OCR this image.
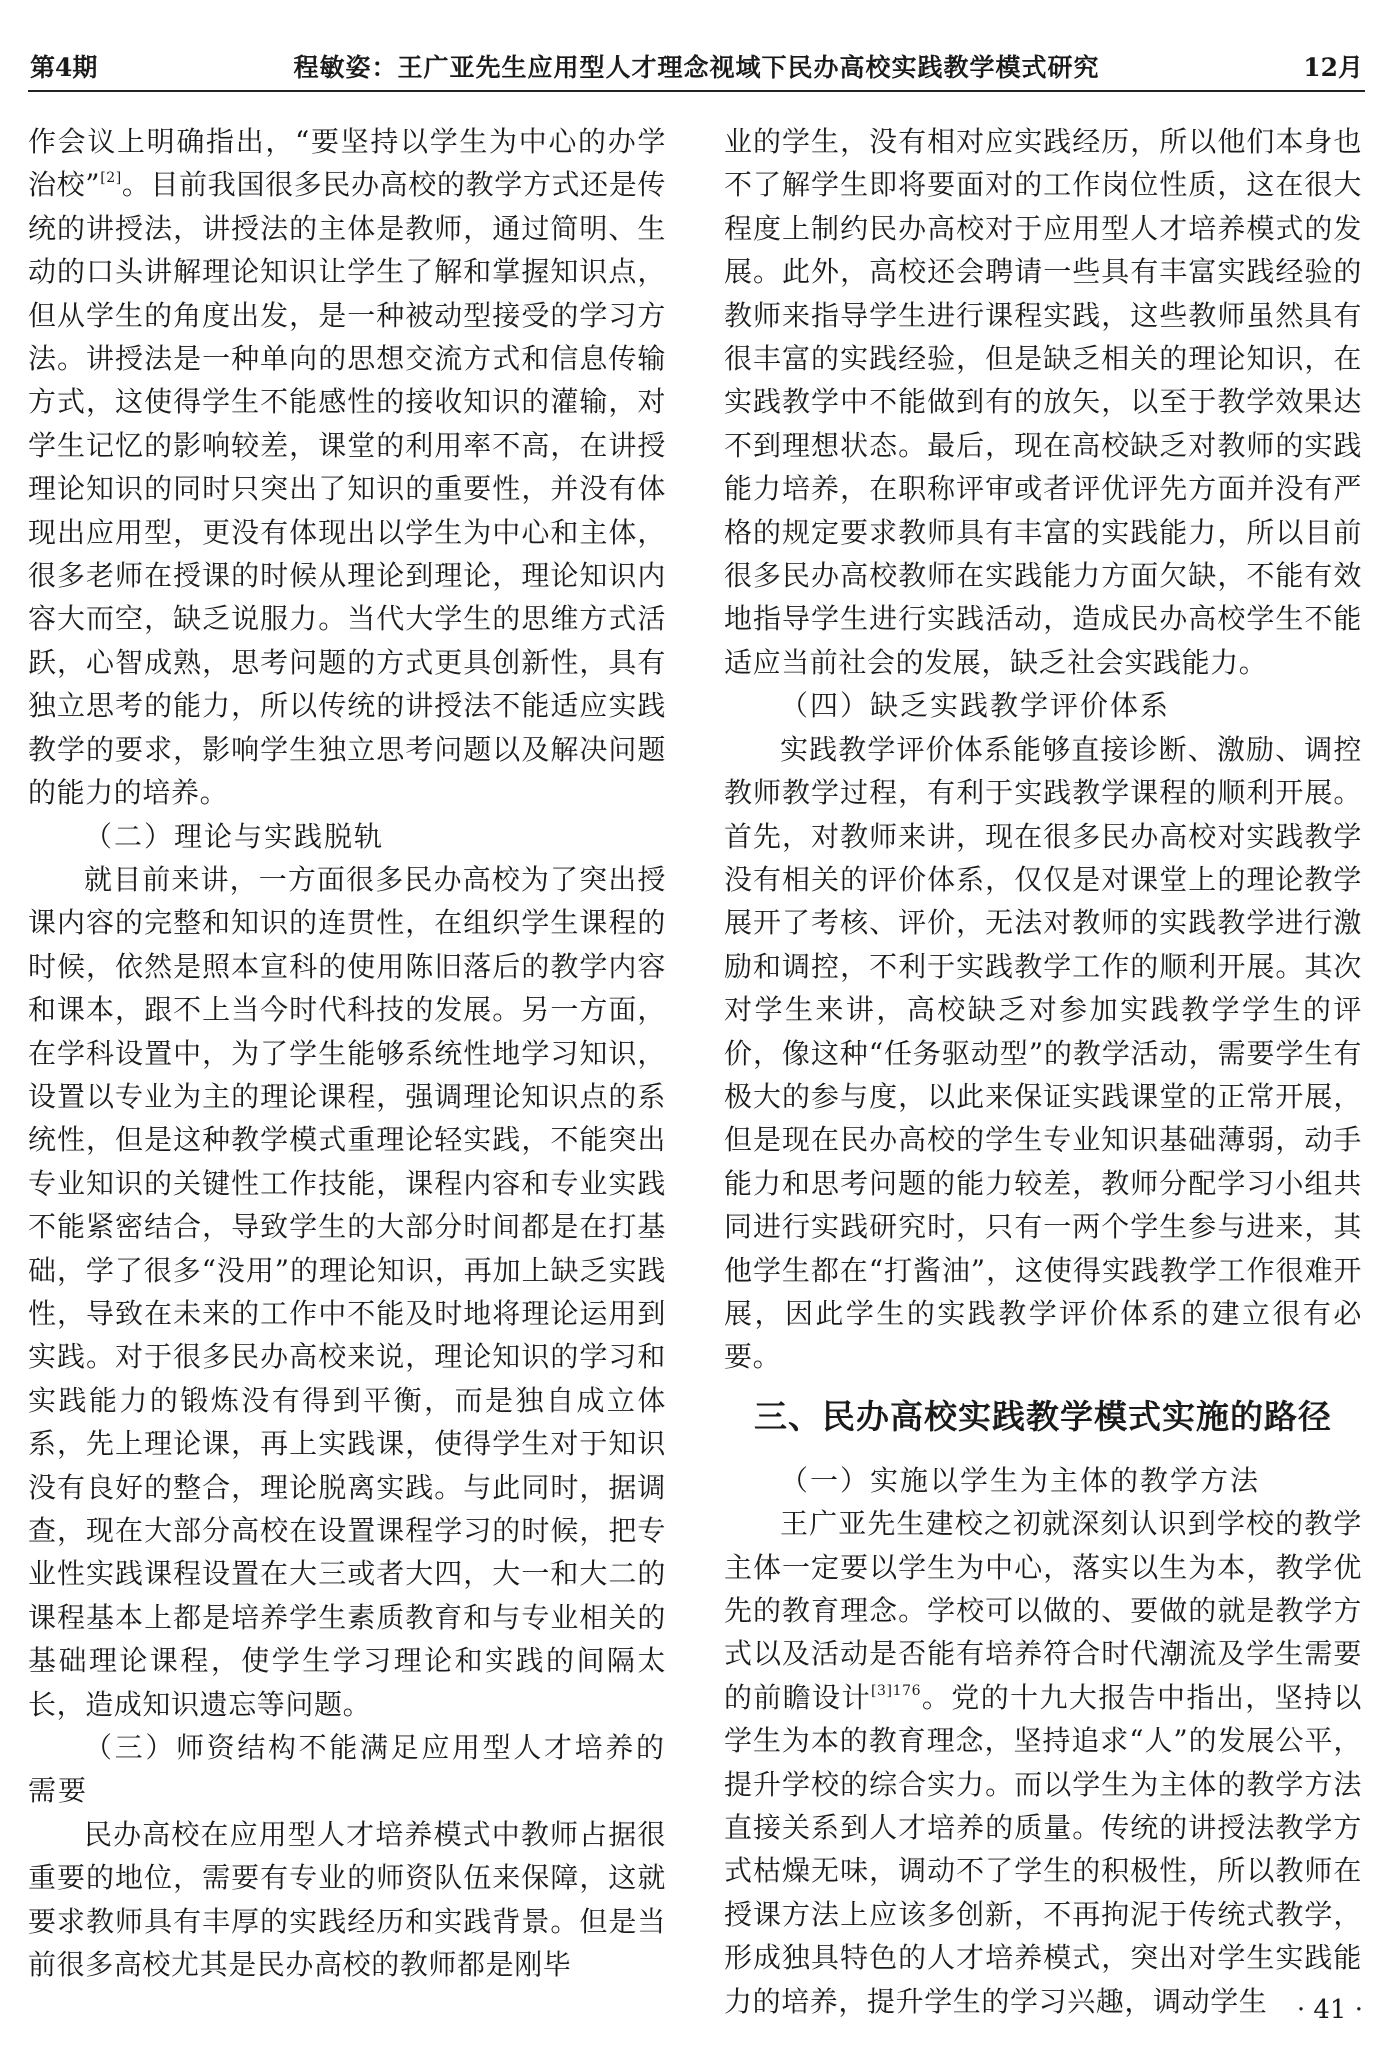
第4期	程敏姿：王广亚先生应用型人才理念视域下民办高校实践教学模式研究	12月

作会议上明确指出，“要坚持以学生为中心的办学治校”[2]。目前我国很多民办高校的教学方式还是传统的讲授法，讲授法的主体是教师，通过简明、生动的口头讲解理论知识让学生了解和掌握知识点，但从学生的角度出发，是一种被动型接受的学习方法。讲授法是一种单向的思想交流方式和信息传输方式，这使得学生不能感性的接收知识的灌输，对学生记忆的影响较差，课堂的利用率不高，在讲授理论知识的同时只突出了知识的重要性，并没有体现出应用型，更没有体现出以学生为中心和主体，很多老师在授课的时候从理论到理论，理论知识内容大而空，缺乏说服力。当代大学生的思维方式活跃，心智成熟，思考问题的方式更具创新性，具有独立思考的能力，所以传统的讲授法不能适应实践教学的要求，影响学生独立思考问题以及解决问题的能力的培养。

（二）理论与实践脱轨

就目前来讲，一方面很多民办高校为了突出授课内容的完整和知识的连贯性，在组织学生课程的时候，依然是照本宣科的使用陈旧落后的教学内容和课本，跟不上当今时代科技的发展。另一方面，在学科设置中，为了学生能够系统性地学习知识，设置以专业为主的理论课程，强调理论知识点的系统性，但是这种教学模式重理论轻实践，不能突出专业知识的关键性工作技能，课程内容和专业实践不能紧密结合，导致学生的大部分时间都是在打基础，学了很多“没用”的理论知识，再加上缺乏实践性，导致在未来的工作中不能及时地将理论运用到实践。对于很多民办高校来说，理论知识的学习和实践能力的锻炼没有得到平衡，而是独自成立体系，先上理论课，再上实践课，使得学生对于知识没有良好的整合，理论脱离实践。与此同时，据调查，现在大部分高校在设置课程学习的时候，把专业性实践课程设置在大三或者大四，大一和大二的课程基本上都是培养学生素质教育和与专业相关的基础理论课程，使学生学习理论和实践的间隔太长，造成知识遗忘等问题。

（三）师资结构不能满足应用型人才培养的需要

民办高校在应用型人才培养模式中教师占据很重要的地位，需要有专业的师资队伍来保障，这就要求教师具有丰厚的实践经历和实践背景。但是当前很多高校尤其是民办高校的教师都是刚毕

业的学生，没有相对应实践经历，所以他们本身也不了解学生即将要面对的工作岗位性质，这在很大程度上制约民办高校对于应用型人才培养模式的发展。此外，高校还会聘请一些具有丰富实践经验的教师来指导学生进行课程实践，这些教师虽然具有很丰富的实践经验，但是缺乏相关的理论知识，在实践教学中不能做到有的放矢，以至于教学效果达不到理想状态。最后，现在高校缺乏对教师的实践能力培养，在职称评审或者评优评先方面并没有严格的规定要求教师具有丰富的实践能力，所以目前很多民办高校教师在实践能力方面欠缺，不能有效地指导学生进行实践活动，造成民办高校学生不能适应当前社会的发展，缺乏社会实践能力。

（四）缺乏实践教学评价体系

实践教学评价体系能够直接诊断、激励、调控教师教学过程，有利于实践教学课程的顺利开展。首先，对教师来讲，现在很多民办高校对实践教学没有相关的评价体系，仅仅是对课堂上的理论教学展开了考核、评价，无法对教师的实践教学进行激励和调控，不利于实践教学工作的顺利开展。其次对学生来讲，高校缺乏对参加实践教学学生的评价，像这种“任务驱动型”的教学活动，需要学生有极大的参与度，以此来保证实践课堂的正常开展，但是现在民办高校的学生专业知识基础薄弱，动手能力和思考问题的能力较差，教师分配学习小组共同进行实践研究时，只有一两个学生参与进来，其他学生都在“打酱油”，这使得实践教学工作很难开展，因此学生的实践教学评价体系的建立很有必要。

三、民办高校实践教学模式实施的路径
（一）实施以学生为主体的教学方法

王广亚先生建校之初就深刻认识到学校的教学主体一定要以学生为中心，落实以生为本，教学优先的教育理念。学校可以做的、要做的就是教学方式以及活动是否能有培养符合时代潮流及学生需要的前瞻设计$^{[3]176}$。党的十九大报告中指出，坚持以学生为本的教育理念，坚持追求“人”的发展公平，提升学校的综合实力。而以学生为主体的教学方法直接关系到人才培养的质量。传统的讲授法教学方式枯燥无味，调动不了学生的积极性，所以教师在授课方法上应该多创新，不再拘泥于传统式教学，形成独具特色的人才培养模式，突出对学生实践能力的培养，提升学生的学习兴趣，调动学生	· 41 ·
